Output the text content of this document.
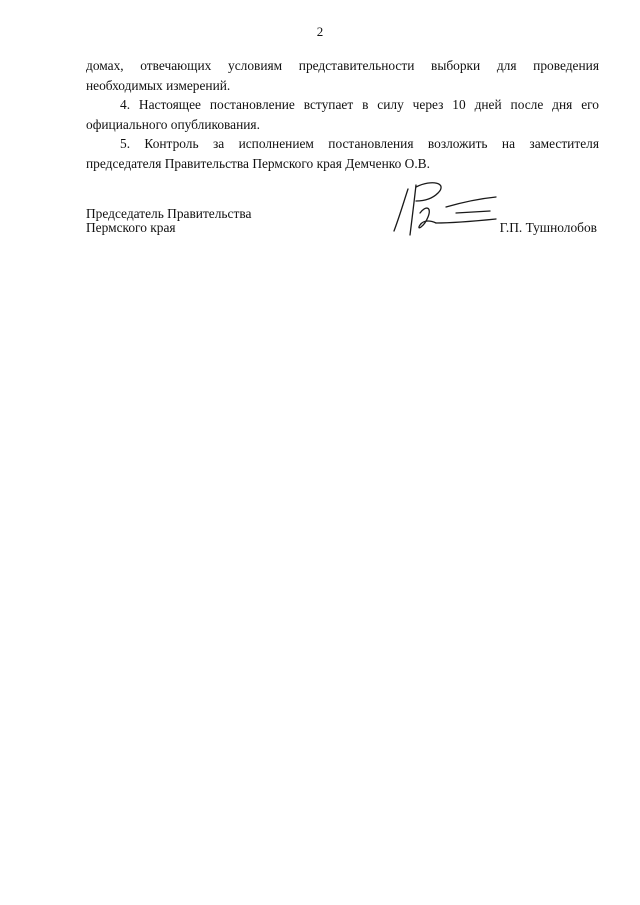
2

домах, отвечающих условиям представительности выборки для проведения необходимых измерений.

4. Настоящее постановление вступает в силу через 10 дней после дня его официального опубликования.

5. Контроль за исполнением постановления возложить на заместителя председателя Правительства Пермского края Демченко О.В.

Председатель Правительства
Пермского края	Г.П. Тушнолобов
